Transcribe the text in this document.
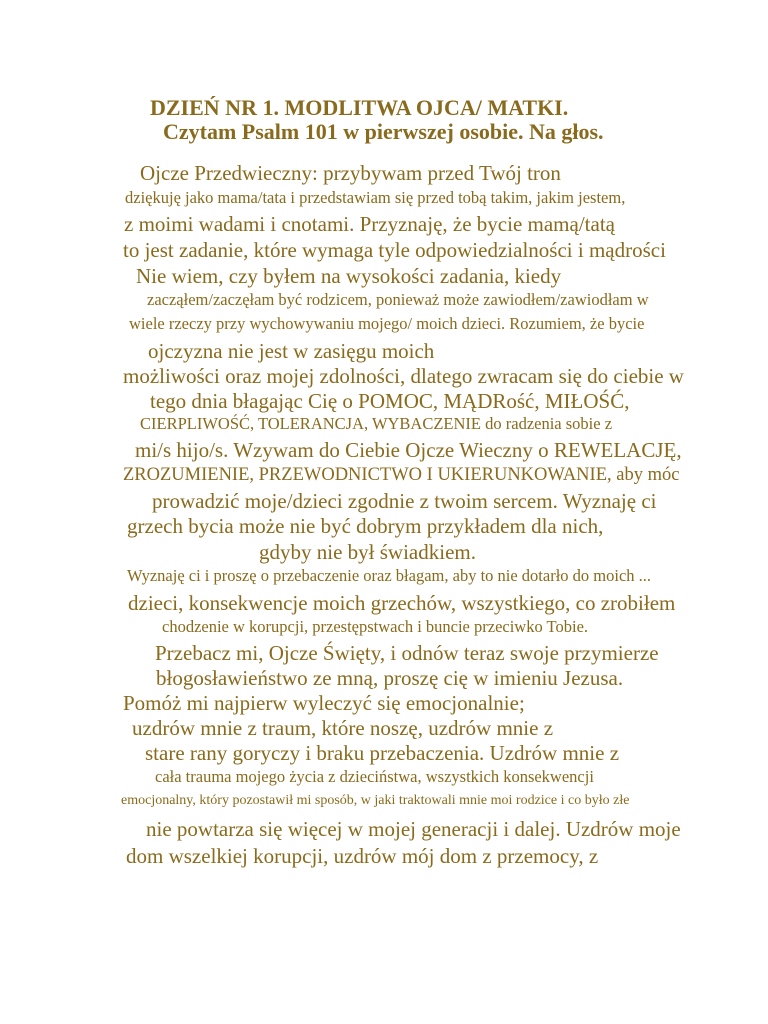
DZIEŃ NR 1. MODLITWA OJCA/ MATKI.
Czytam Psalm 101 w pierwszej osobie. Na głos.
Ojcze Przedwieczny: przybywam przed Twój tron
dziękuję jako mama/tata i przedstawiam się przed tobą takim, jakim jestem,
z moimi wadami i cnotami. Przyznaję, że bycie mamą/tatą
to jest zadanie, które wymaga tyle odpowiedzialności i mądrości
Nie wiem, czy byłem na wysokości zadania, kiedy
zacząłem/zaczęłam być rodzicem, ponieważ może zawiodłem/zawiodłam w
wiele rzeczy przy wychowywaniu mojego/ moich dzieci. Rozumiem, że bycie
ojczyzna nie jest w zasięgu moich
możliwości oraz mojej zdolności, dlatego zwracam się do ciebie w
tego dnia błagając Cię o POMOC, MĄDRość, MIŁOŚĆ,
CIERPLIWOŚĆ, TOLERANCJA, WYBACZENIE do radzenia sobie z
mi/s hijo/s. Wzywam do Ciebie Ojcze Wieczny o REWELACJĘ,
ZROZUMIENIE, PRZEWODNICTWO I UKIERUNKOWANIE, aby móc
prowadzić moje/dzieci zgodnie z twoim sercem. Wyznaję ci
grzech bycia może nie być dobrym przykładem dla nich,
gdyby nie był świadkiem.
Wyznaję ci i proszę o przebaczenie oraz błagam, aby to nie dotarło do moich ...
dzieci, konsekwencje moich grzechów, wszystkiego, co zrobiłem
chodzenie w korupcji, przestępstwach i buncie przeciwko Tobie.
Przebacz mi, Ojcze Święty, i odnów teraz swoje przymierze
błogosławieństwo ze mną, proszę cię w imieniu Jezusa.
Pomóż mi najpierw wyleczyć się emocjonalnie;
uzdrów mnie z traum, które noszę, uzdrów mnie z
stare rany goryczy i braku przebaczenia. Uzdrów mnie z
cała trauma mojego życia z dzieciństwa, wszystkich konsekwencji
emocjonalny, który pozostawił mi sposób, w jaki traktowali mnie moi rodzice i co było złe
nie powtarza się więcej w mojej generacji i dalej. Uzdrów moje
dom wszelkiej korupcji, uzdrów mój dom z przemocy, z
